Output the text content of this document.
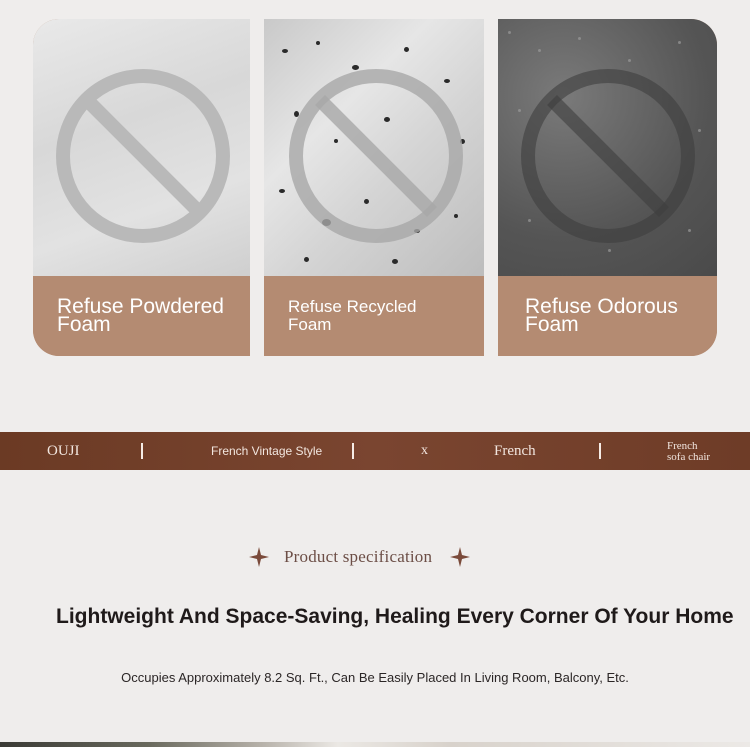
Refuse Powdered Foam
Refuse Recycled Foam
Refuse Odorous Foam
OUJI	French Vintage Style	x	French	French
sofa chair
Product specification
Lightweight And Space-Saving, Healing Every Corner Of Your Home
Occupies Approximately 8.2 Sq. Ft., Can Be Easily Placed In Living Room, Balcony, Etc.
